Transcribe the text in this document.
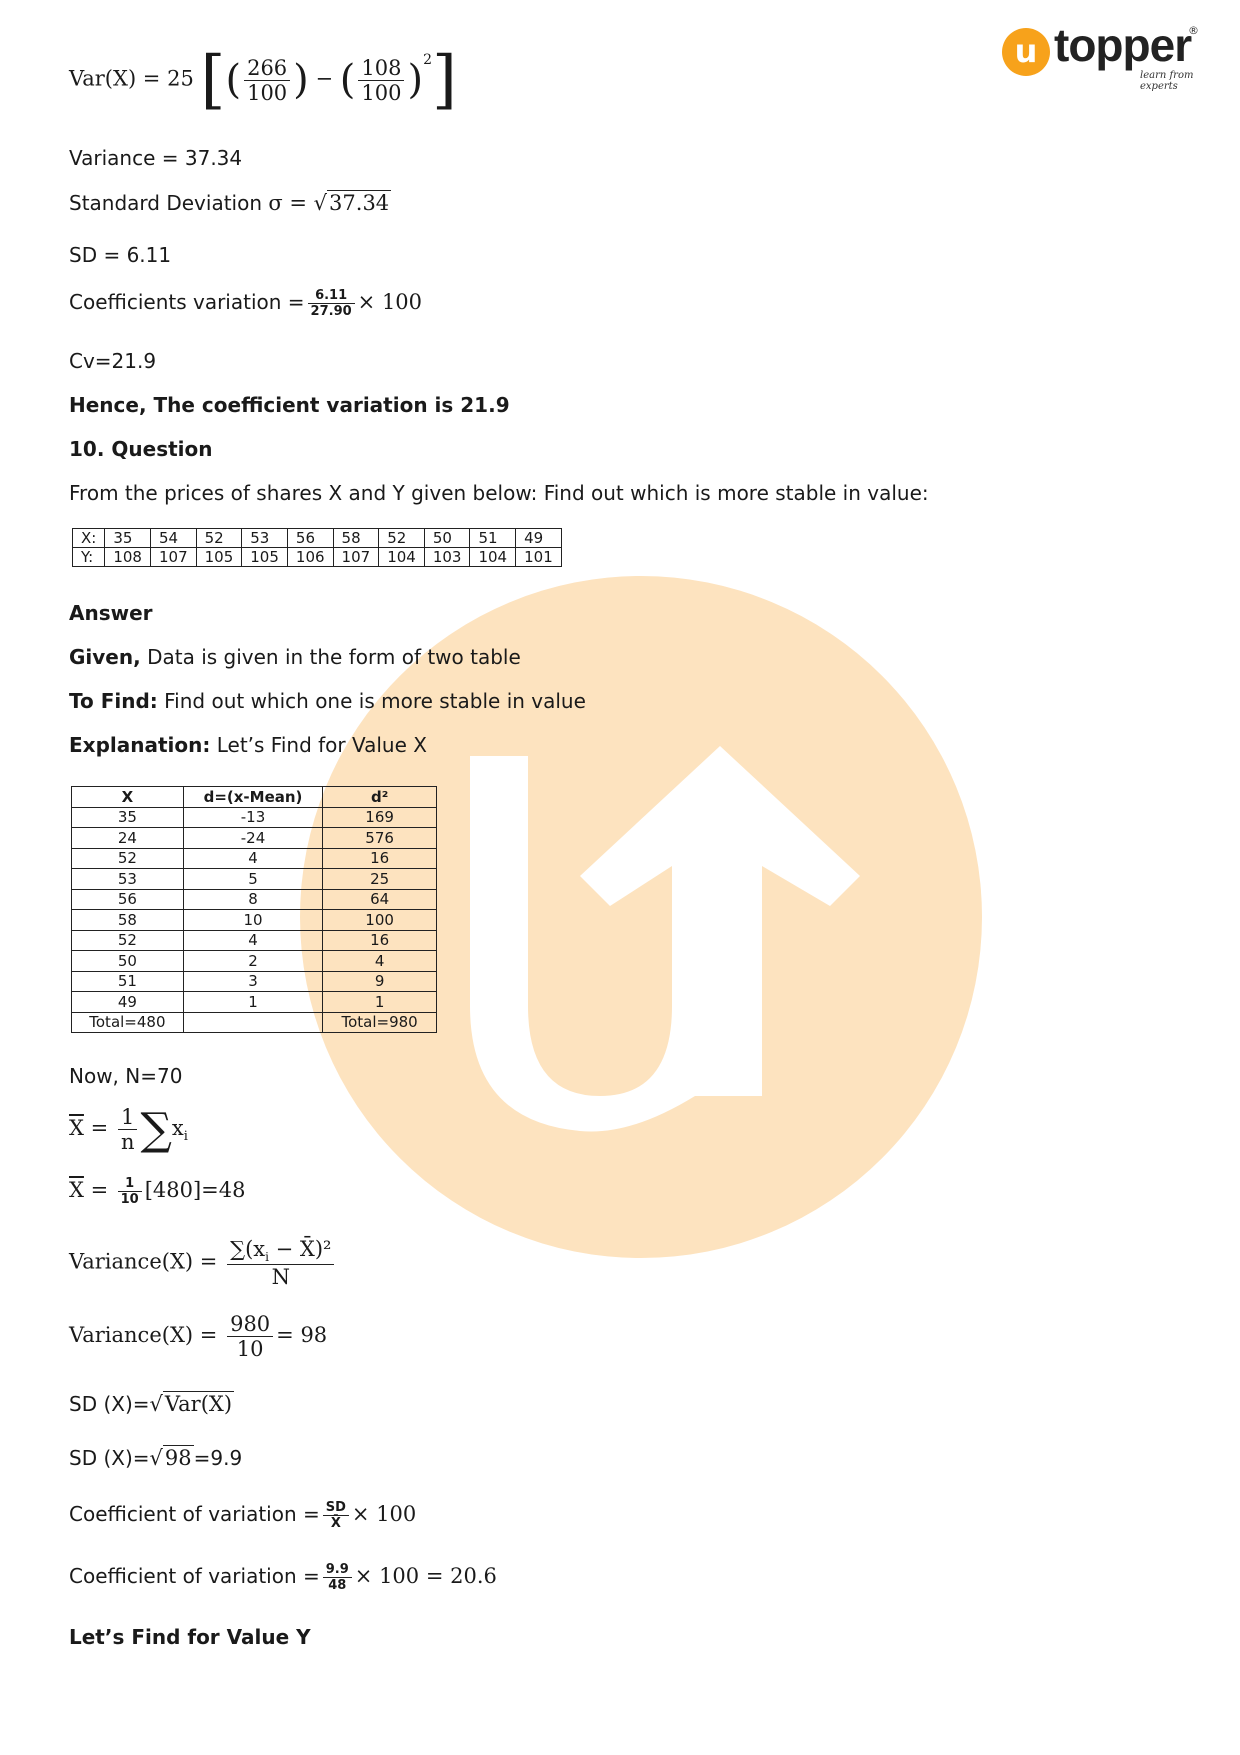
u topper
learn from experts
®
Var(X) = 25 [( $\frac{266}{100}$ ) − ( $\frac{108}{100} )^2$]
Variance = 37.34
Standard Deviation σ = √37.34
SD = 6.11
Coefficients variation = $\frac{6.11}{27.90} \times 100$
Cv=21.9
Hence, The coefficient variation is 21.9
10. Question
From the prices of shares X and Y given below: Find out which is more stable in value:
X:	35	54	52	53	56	58	52	50	51	49
Y:	108	107	105	105	106	107	104	103	104	101
Answer
Given, Data is given in the form of two table
To Find: Find out which one is more stable in value
Explanation: Let’s Find for Value X
X	d=(x-Mean)	d²
35	-13	169
24	-24	576
52	4	16
53	5	25
56	8	64
58	10	100
52	4	16
50	2	4
51	3	9
49	1	1
Total=480		Total=980
Now, N=70
$\overline{X} = \frac{1}{n} \sum x_i$
$\overline{X} = \frac{1}{10} [480]=48$
Variance(X) = $\frac{\sum(x_i - X̄)^2}{N}$
Variance(X) = $\frac{980}{10} = 98$
SD (X)=√Var(X)
SD (X)=√98 =9.9
Coefficient of variation = $\frac{SD}{X̄} \times 100$
Coefficient of variation = $\frac{9.9}{48} \times 100 = 20.6$
Let’s Find for Value Y
